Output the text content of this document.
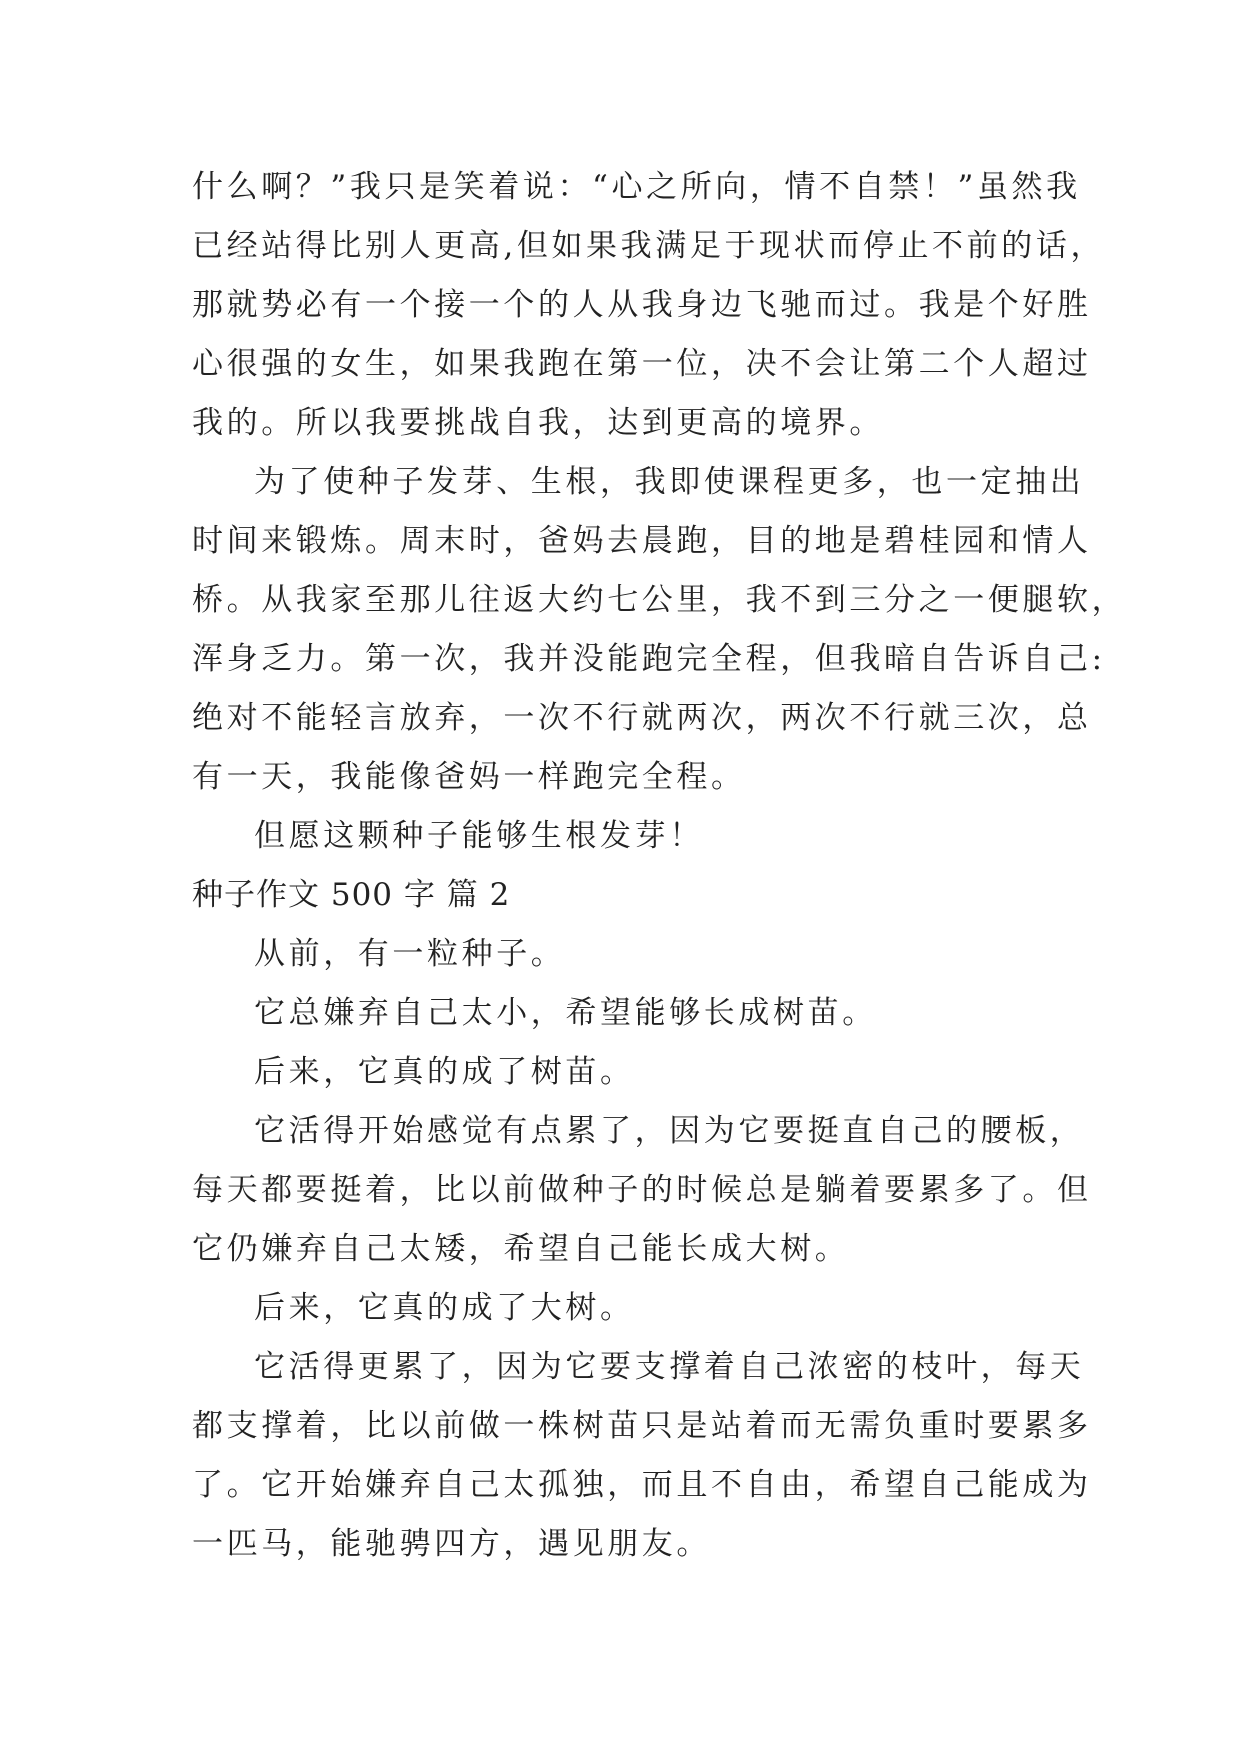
什么啊？”我只是笑着说：“心之所向，情不自禁！”虽然我
已经站得比别人更高,但如果我满足于现状而停止不前的话，
那就势必有一个接一个的人从我身边飞驰而过。我是个好胜
心很强的女生，如果我跑在第一位，决不会让第二个人超过
我的。所以我要挑战自我，达到更高的境界。
为了使种子发芽、生根，我即使课程更多，也一定抽出
时间来锻炼。周末时，爸妈去晨跑，目的地是碧桂园和情人
桥。从我家至那儿往返大约七公里，我不到三分之一便腿软，
浑身乏力。第一次，我并没能跑完全程，但我暗自告诉自己:
绝对不能轻言放弃，一次不行就两次，两次不行就三次，总
有一天，我能像爸妈一样跑完全程。
但愿这颗种子能够生根发芽！
种子作文 500 字 篇 2
从前，有一粒种子。
它总嫌弃自己太小，希望能够长成树苗。
后来，它真的成了树苗。
它活得开始感觉有点累了，因为它要挺直自己的腰板，
每天都要挺着，比以前做种子的时候总是躺着要累多了。但
它仍嫌弃自己太矮，希望自己能长成大树。
后来，它真的成了大树。
它活得更累了，因为它要支撑着自己浓密的枝叶，每天
都支撑着，比以前做一株树苗只是站着而无需负重时要累多
了。它开始嫌弃自己太孤独，而且不自由，希望自己能成为
一匹马，能驰骋四方，遇见朋友。
